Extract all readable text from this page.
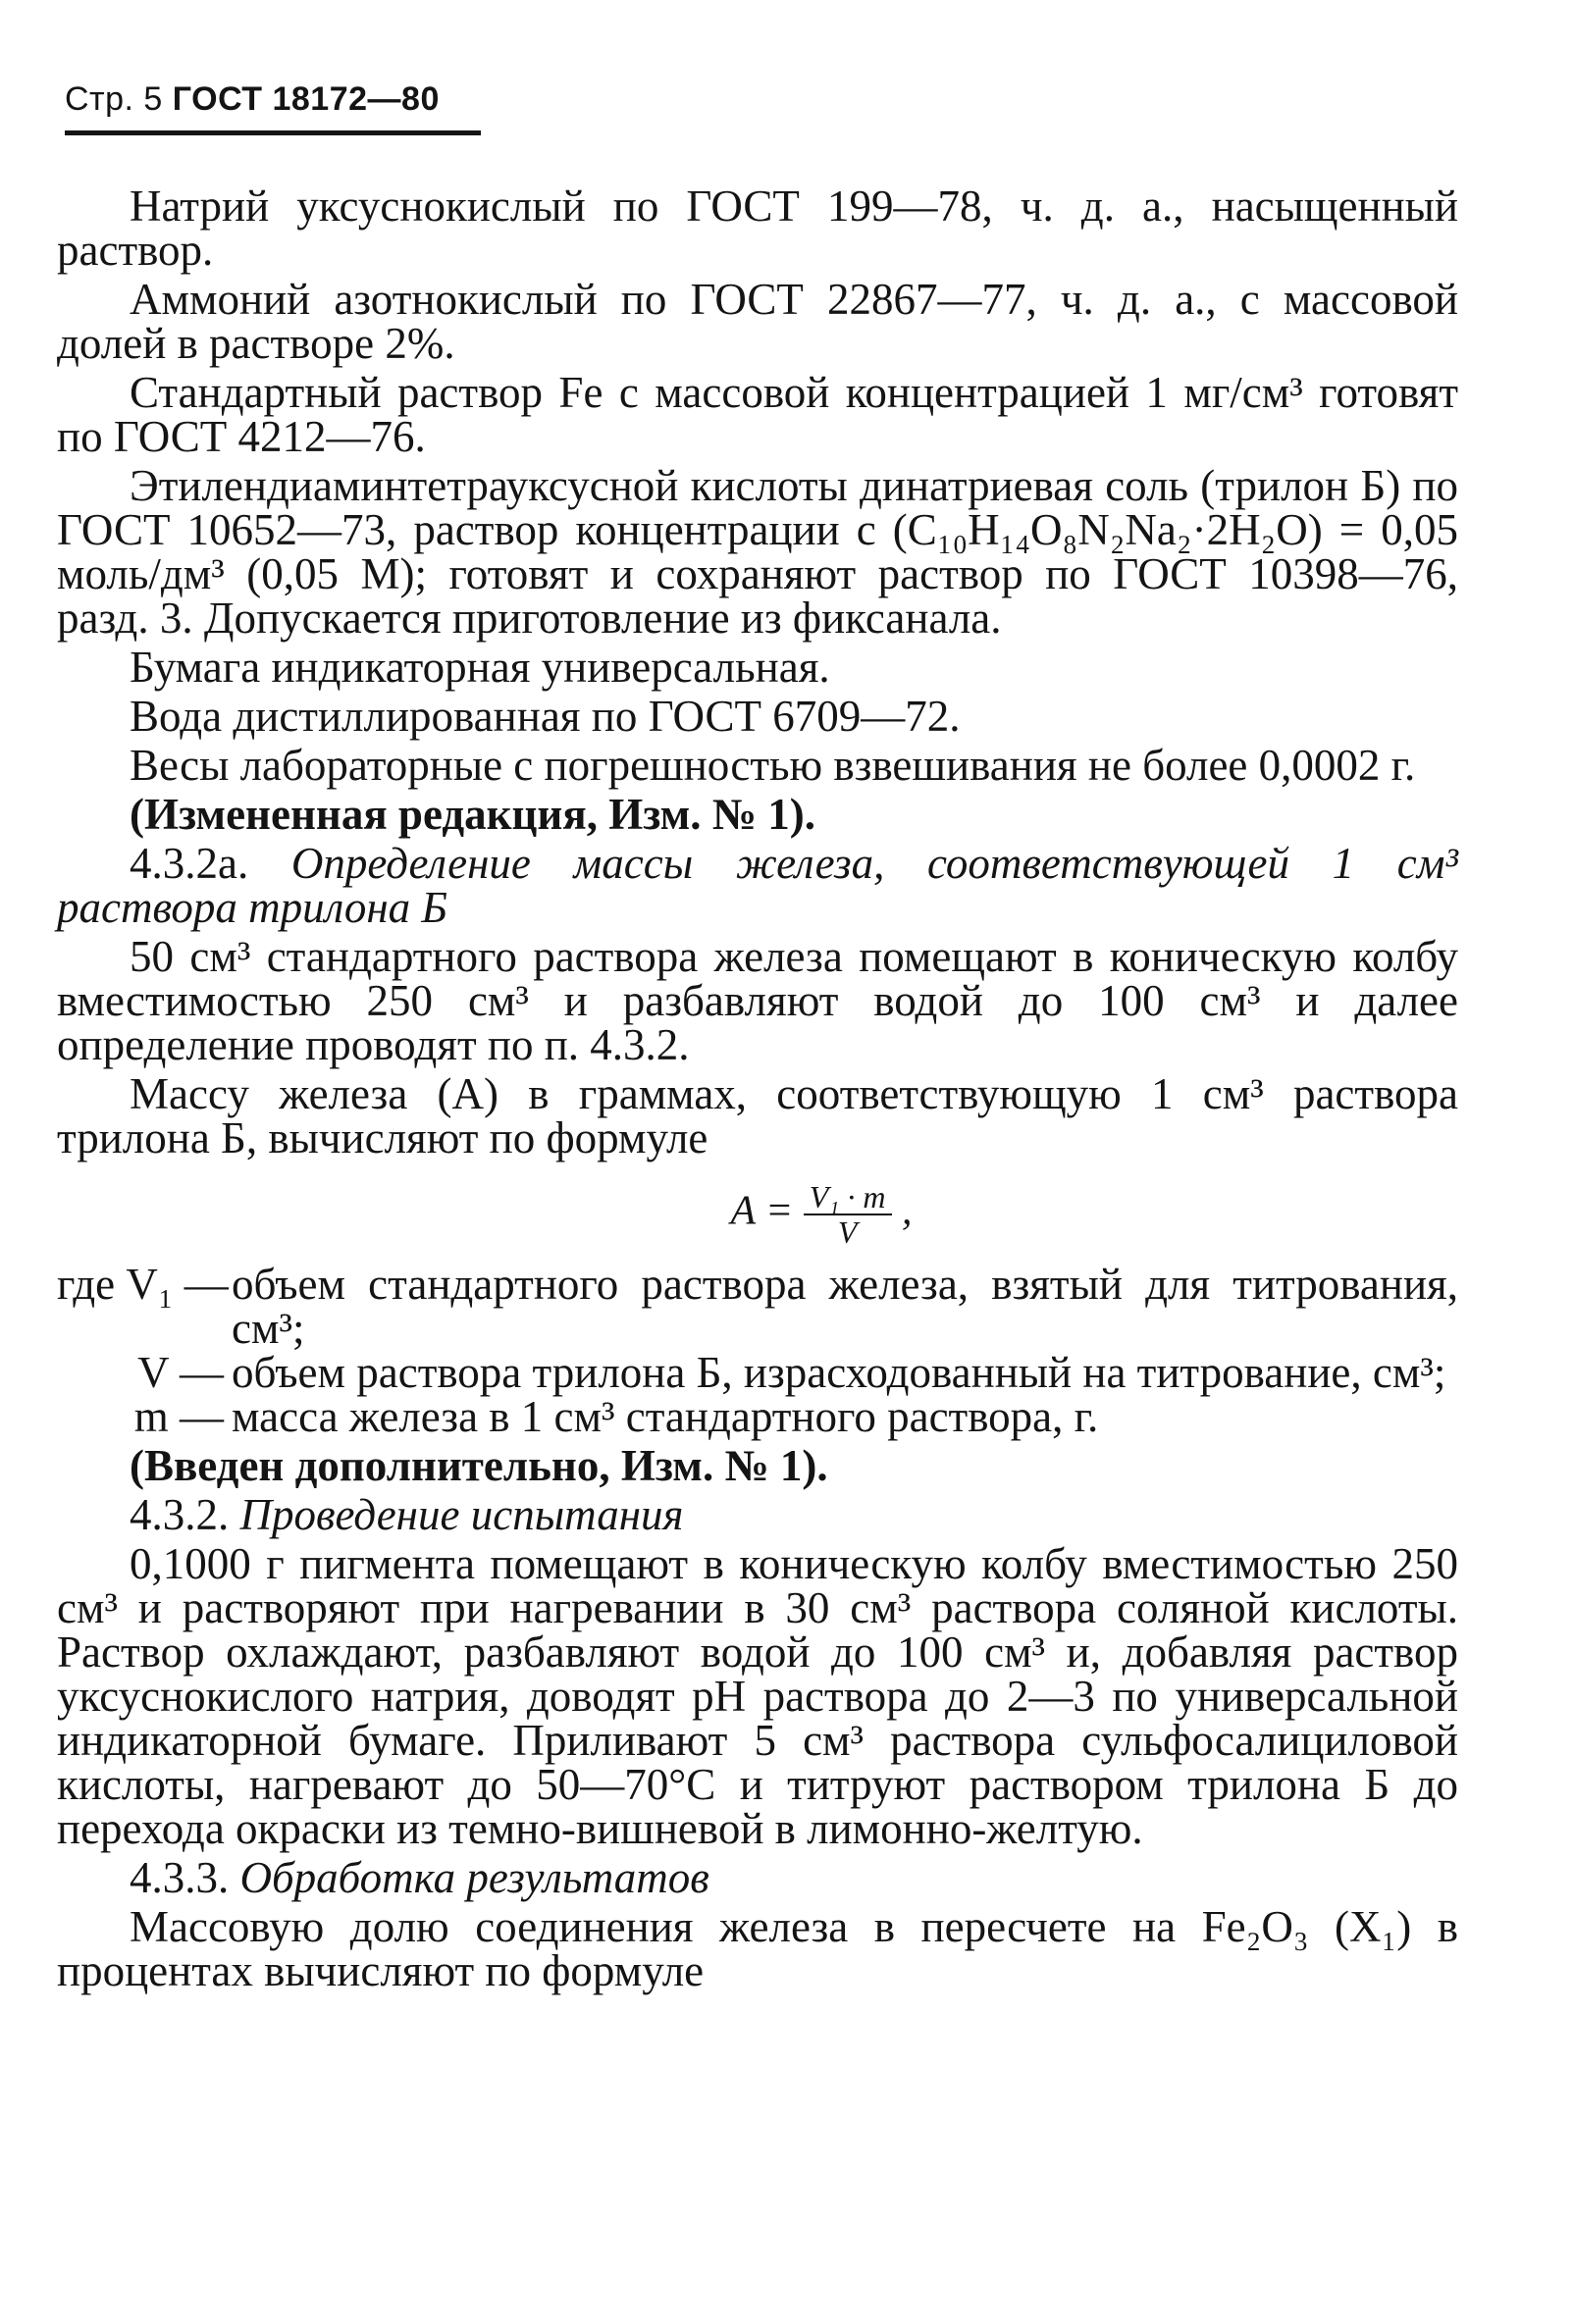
Стр. 5 ГОСТ 18172—80

Натрий уксуснокислый по ГОСТ 199—78, ч. д. а., насыщенный раствор.

Аммоний азотнокислый по ГОСТ 22867—77, ч. д. а., с массовой долей в растворе 2%.

Стандартный раствор Fe с массовой концентрацией 1 мг/см³ готовят по ГОСТ 4212—76.

Этилендиаминтетрауксусной кислоты динатриевая соль (трилон Б) по ГОСТ 10652—73, раствор концентрации с (C₁₀H₁₄O₈N₂Na₂·2H₂O) = 0,05 моль/дм³ (0,05 М); готовят и сохраняют раствор по ГОСТ 10398—76, разд. 3. Допускается приготовление из фиксанала.

Бумага индикаторная универсальная.

Вода дистиллированная по ГОСТ 6709—72.

Весы лабораторные с погрешностью взвешивания не более 0,0002 г.

(Измененная редакция, Изм. № 1).

4.3.2а. Определение массы железа, соответствующей 1 см³ раствора трилона Б

50 см³ стандартного раствора железа помещают в коническую колбу вместимостью 250 см³ и разбавляют водой до 100 см³ и далее определение проводят по п. 4.3.2.

Массу железа (A) в граммах, соответствующую 1 см³ раствора трилона Б, вычисляют по формуле

$A = \frac{\text{V₁ · m}}{V}$ ,
где V₁ — объем стандартного раствора железа, взятый для титрования, см³;
V — объем раствора трилона Б, израсходованный на титрование, см³;
m — масса железа в 1 см³ стандартного раствора, г.

(Введен дополнительно, Изм. № 1).

4.3.2. Проведение испытания

0,1000 г пигмента помещают в коническую колбу вместимостью 250 см³ и растворяют при нагревании в 30 см³ раствора соляной кислоты. Раствор охлаждают, разбавляют водой до 100 см³ и, добавляя раствор уксуснокислого натрия, доводят pH раствора до 2—3 по универсальной индикаторной бумаге. Приливают 5 см³ раствора сульфосалициловой кислоты, нагревают до 50—70°С и титруют раствором трилона Б до перехода окраски из темно-вишневой в лимонно-желтую.

4.3.3. Обработка результатов

Массовую долю соединения железа в пересчете на Fe₂O₃ (X₁) в процентах вычисляют по формуле
